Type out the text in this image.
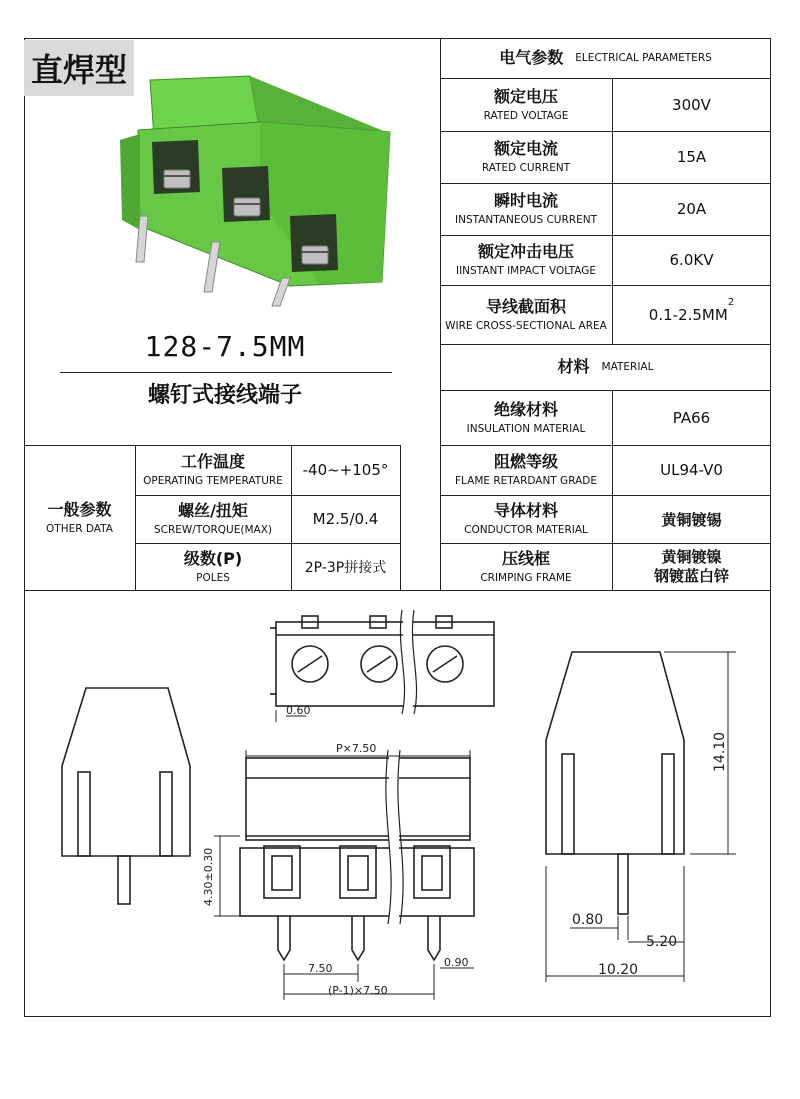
直焊型
128-7.5MM
螺钉式接线端子
电气参数 ELECTRICAL PARAMETERS
额定电压
RATED VOLTAGE
300V
额定电流
RATED CURRENT
15A
瞬时电流
INSTANTANEOUS CURRENT
20A
额定冲击电压
IINSTANT IMPACT VOLTAGE
6.0KV
导线截面积
WIRE CROSS-SECTIONAL AREA
0.1-2.5MM
$^2$
材料 MATERIAL
绝缘材料
INSULATION MATERIAL
PA66
阻燃等级
FLAME RETARDANT GRADE
UL94-V0
导体材料
CONDUCTOR MATERIAL
黄铜镀锡
压线框
CRIMPING FRAME
黄铜镀镍
钢镀蓝白锌
一般参数
OTHER DATA
工作温度
OPERATING TEMPERATURE
-40~+105°
螺丝/扭矩
SCREW/TORQUE(MAX)
M2.5/0.4
级数(P)
POLES
2P-3P拼接式
0.60
P×7.50
4.30±0.30
7.50
(P-1)×7.50
0.90
14.10
0.80
5.20
10.20
